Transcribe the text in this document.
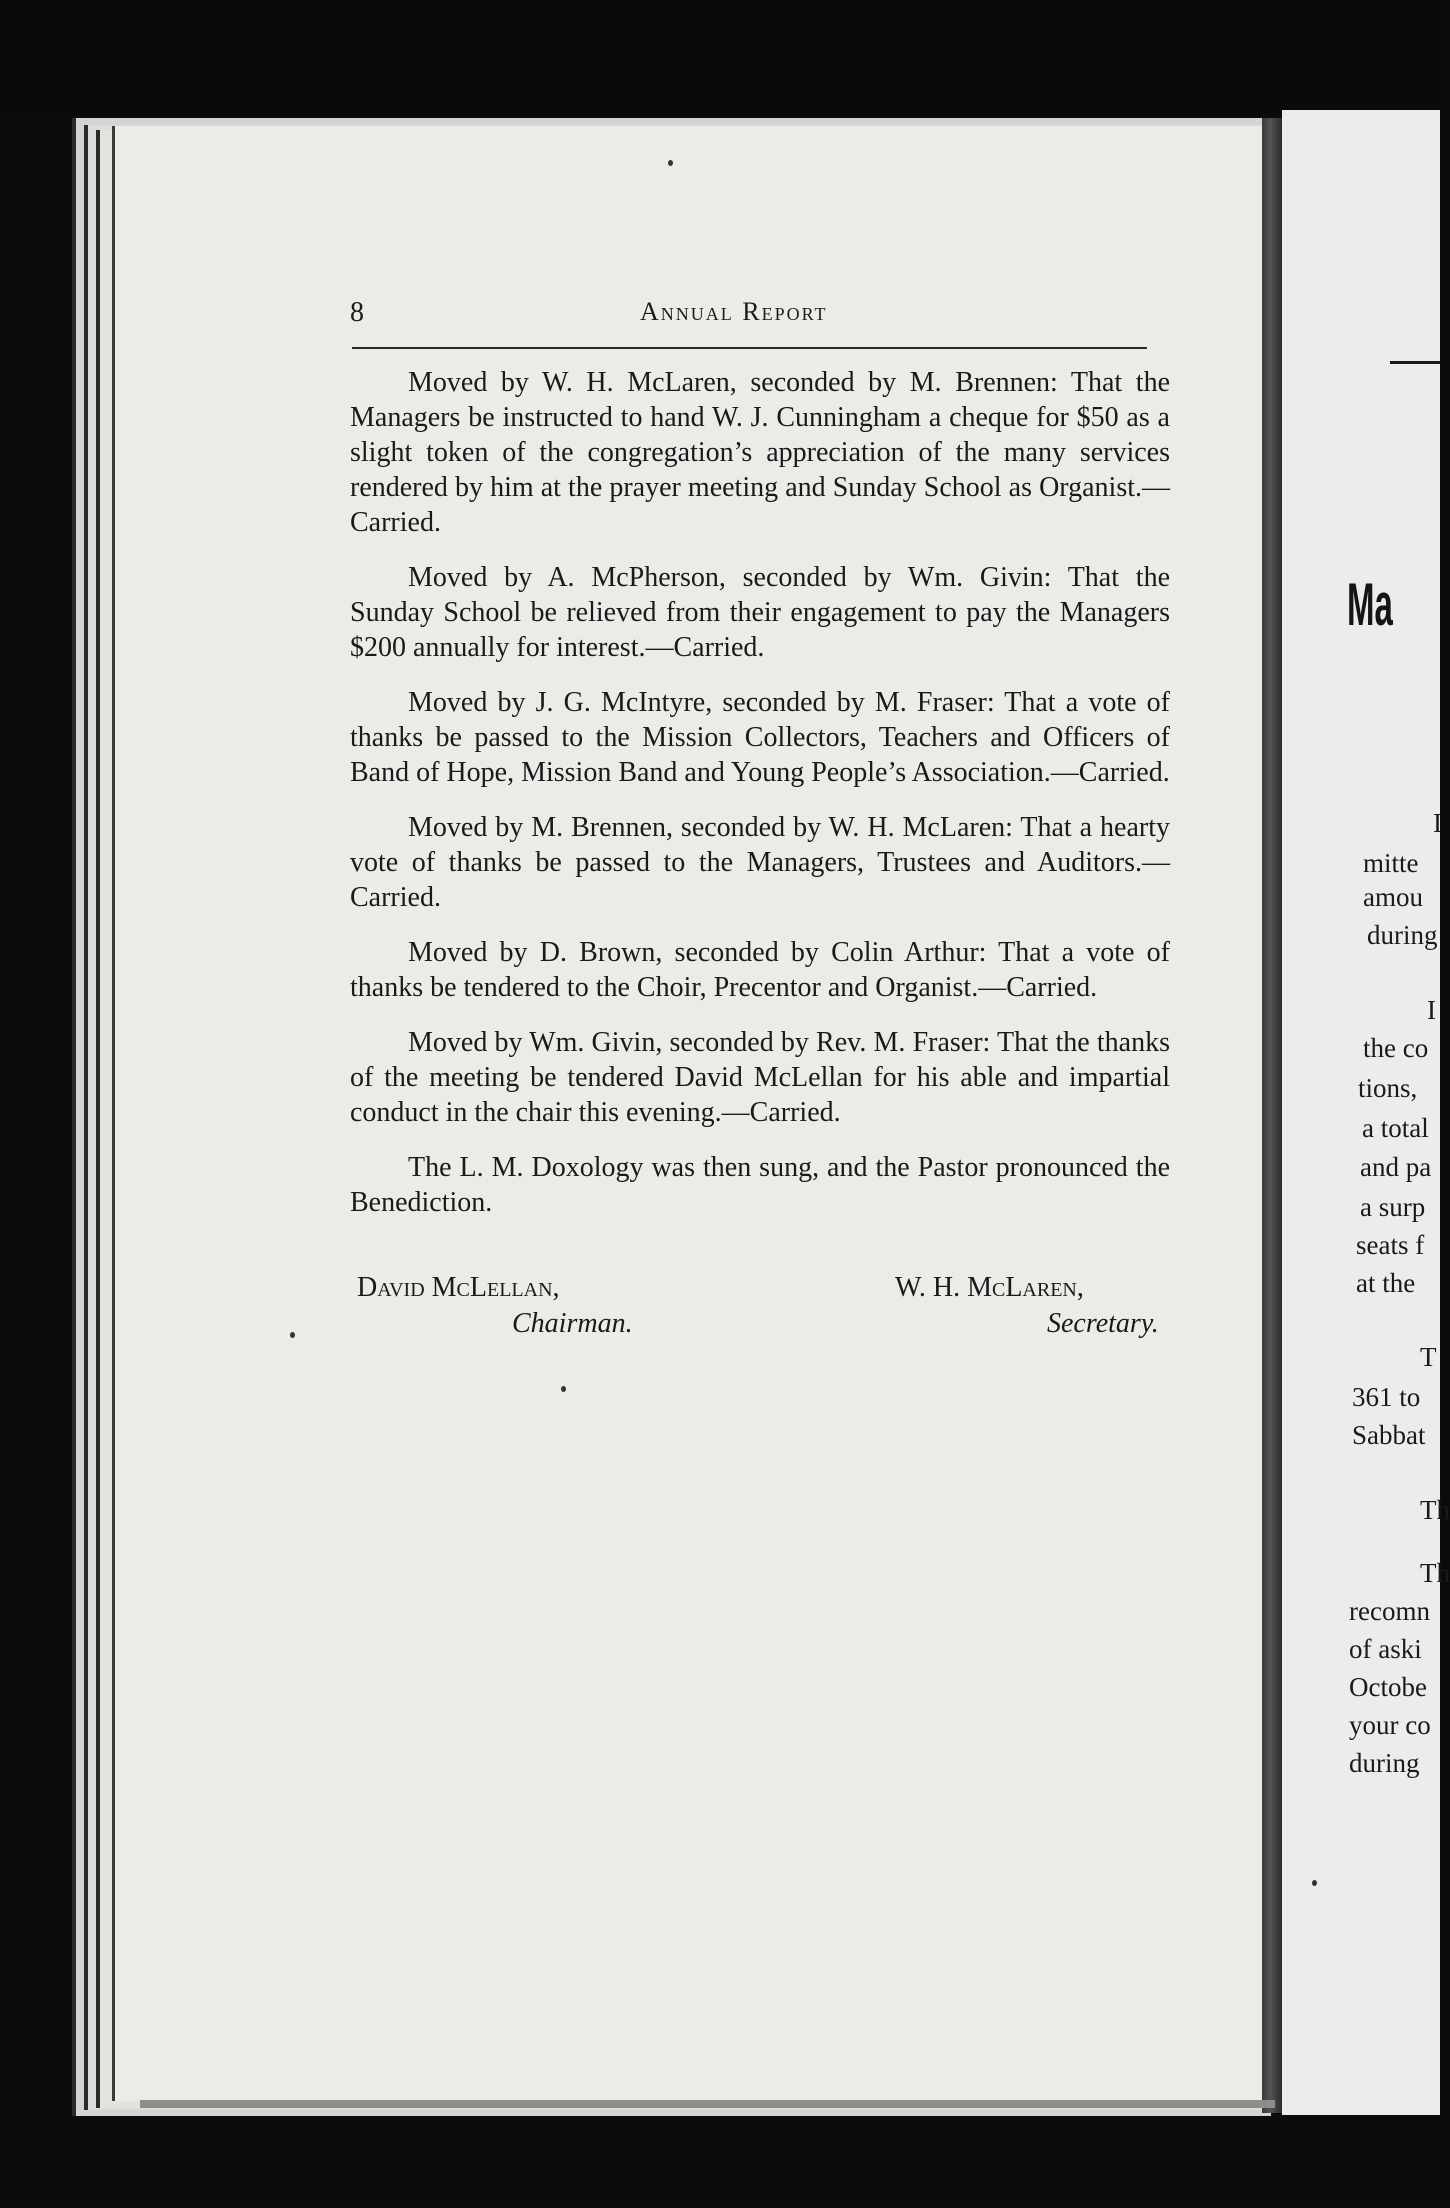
8	Annual Report

Moved by W. H. McLaren, seconded by M. Brennen: That the Managers be instructed to hand W. J. Cunningham a cheque for $50 as a slight token of the congregation’s appreciation of the many services rendered by him at the prayer meeting and Sunday School as Organist.—Carried.

Moved by A. McPherson, seconded by Wm. Givin: That the Sunday School be relieved from their engagement to pay the Managers $200 annually for interest.—Carried.

Moved by J. G. McIntyre, seconded by M. Fraser: That a vote of thanks be passed to the Mission Collectors, Teachers and Officers of Band of Hope, Mission Band and Young People’s Association.—Carried.

Moved by M. Brennen, seconded by W. H. McLaren: That a hearty vote of thanks be passed to the Managers, Trustees and Auditors.—Carried.

Moved by D. Brown, seconded by Colin Arthur: That a vote of thanks be tendered to the Choir, Precentor and Organist.—Carried.

Moved by Wm. Givin, seconded by Rev. M. Fraser: That the thanks of the meeting be tendered David McLellan for his able and impartial conduct in the chair this evening.—Carried.

The L. M. Doxology was then sung, and the Pastor pronounced the Benediction.

David McLellan,
Chairman.
W. H. McLaren,
Secretary.
Ma
I
mitte
amou
during
I
the co
tions,
a total
and pa
a surp
seats f
at the
T
361 to
Sabbat
Th
Th
recomn
of aski
Octobe
your co
during
